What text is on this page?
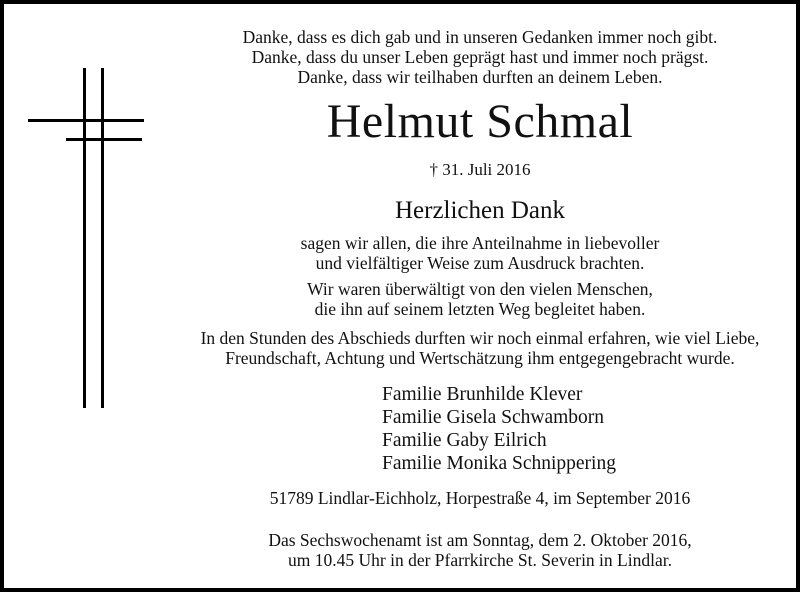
Danke, dass es dich gab und in unseren Gedanken immer noch gibt.
Danke, dass du unser Leben geprägt hast und immer noch prägst.
Danke, dass wir teilhaben durften an deinem Leben.
Helmut Schmal
† 31. Juli 2016
Herzlichen Dank
sagen wir allen, die ihre Anteilnahme in liebevoller
und vielfältiger Weise zum Ausdruck brachten.
Wir waren überwältigt von den vielen Menschen,
die ihn auf seinem letzten Weg begleitet haben.
In den Stunden des Abschieds durften wir noch einmal erfahren, wie viel Liebe,
Freundschaft, Achtung und Wertschätzung ihm entgegengebracht wurde.
Familie Brunhilde Klever
Familie Gisela Schwamborn
Familie Gaby Eilrich
Familie Monika Schnippering
51789 Lindlar-Eichholz, Horpestraße 4, im September 2016
Das Sechswochenamt ist am Sonntag, dem 2. Oktober 2016,
um 10.45 Uhr in der Pfarrkirche St. Severin in Lindlar.
